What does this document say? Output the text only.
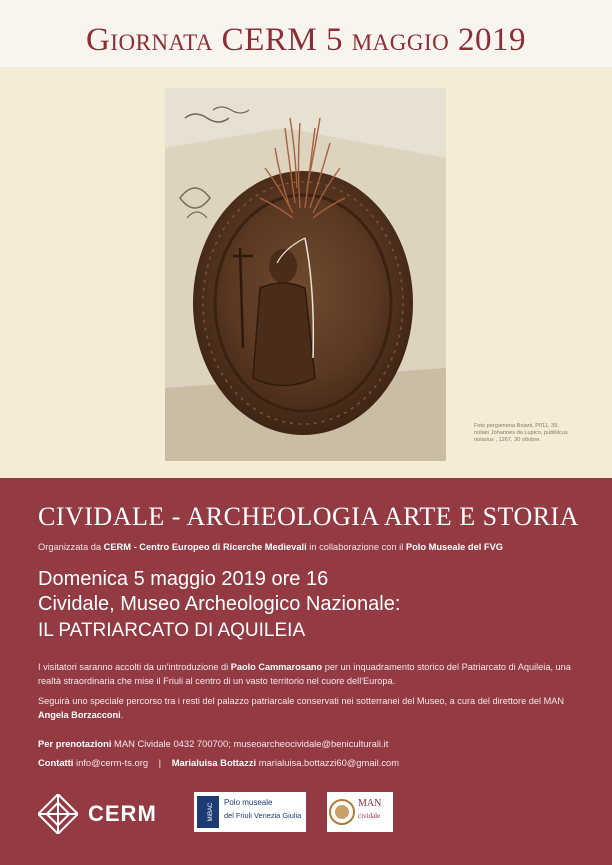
Giornata CERM 5 maggio 2019
Foto pergamena Boiani, P011, 39, notaio Johannes da Lupico, pubblicus notarius , 1267, 30 ottobre.
CIVIDALE - ARCHEOLOGIA ARTE E STORIA
Organizzata da CERM - Centro Europeo di Ricerche Medievali in collaborazione con il Polo Museale del FVG
Domenica 5 maggio 2019 ore 16
Cividale, Museo Archeologico Nazionale:
IL PATRIARCATO DI AQUILEIA
I visitatori saranno accolti da un'introduzione di Paolo Cammarosano per un inquadramento storico del Patriarcato di Aquileia, una realtà straordinaria che mise il Friuli al centro di un vasto territorio nel cuore dell'Europa.
Seguirà uno speciale percorso tra i resti del palazzo patriarcale conservati nei sotterranei del Museo, a cura del direttore del MAN Angela Borzacconi.
Per prenotazioni MAN Cividale 0432 700700; museoarcheocividale@beniculturali.it
Contatti info@cerm-ts.org | Marialuisa Bottazzi marialuisa.bottazzi60@gmail.com
CERM	MiBAC
Polo museale
del Friuli Venezia Giulia
MAN
cividale
